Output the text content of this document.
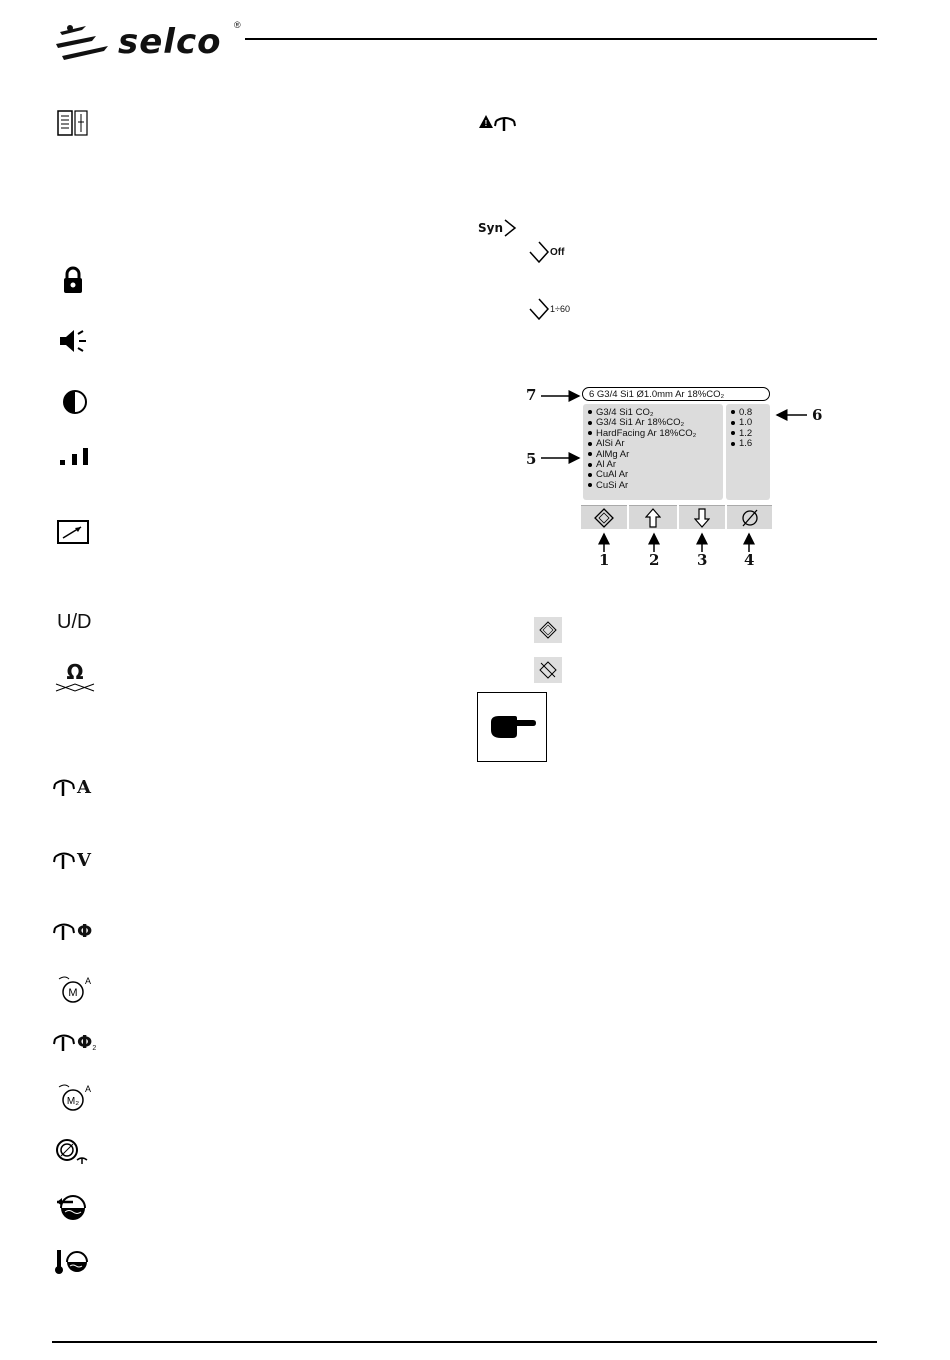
selco ®
U/D
Ω
A
V
Φ
M
A
Φ 2
M₂
A
!
Syn
Off
1÷60
6 G3/4 Si1 Ø1.0mm Ar 18%CO₂
G3/4 Si1 CO₂
G3/4 Si1 Ar 18%CO₂
HardFacing Ar 18%CO₂
AlSi Ar
AlMg Ar
Al Ar
CuAl Ar
CuSi Ar
0.8
1.0
1.2
1.6
7
5
6
1	2	3 4
